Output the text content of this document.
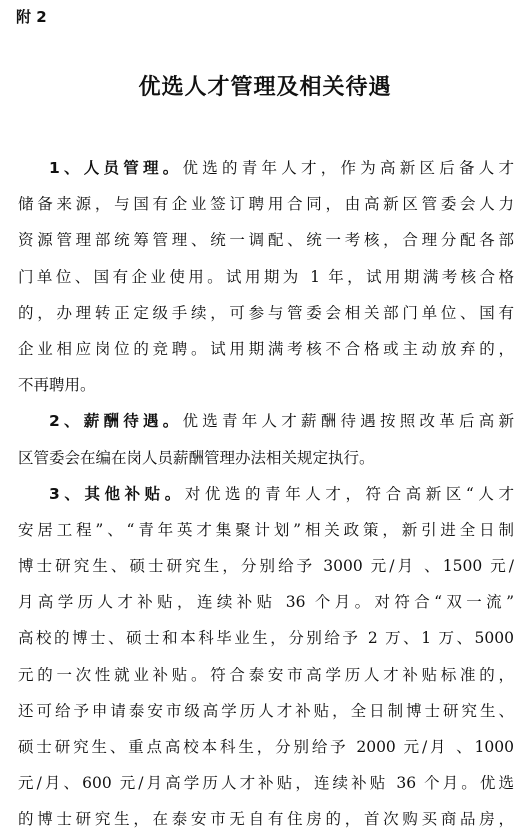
附 2
优选人才管理及相关待遇
1、人员管理。优选的青年人才，作为高新区后备人才
储备来源，与国有企业签订聘用合同，由高新区管委会人力
资源管理部统筹管理、统一调配、统一考核，合理分配各部
门单位、国有企业使用。试用期为 1 年，试用期满考核合格
的，办理转正定级手续，可参与管委会相关部门单位、国有
企业相应岗位的竞聘。试用期满考核不合格或主动放弃的，
不再聘用。
2、薪酬待遇。优选青年人才薪酬待遇按照改革后高新
区管委会在编在岗人员薪酬管理办法相关规定执行。
3、其他补贴。对优选的青年人才，符合高新区“人才
安居工程”、“青年英才集聚计划”相关政策，新引进全日制
博士研究生、硕士研究生，分别给予 3000 元/月 、1500 元/
月高学历人才补贴，连续补贴 36 个月。对符合“双一流”
高校的博士、硕士和本科毕业生，分别给予 2 万、1 万、5000
元的一次性就业补贴。符合泰安市高学历人才补贴标准的，
还可给予申请泰安市级高学历人才补贴，全日制博士研究生、
硕士研究生、重点高校本科生，分别给予 2000 元/月 、1000
元/月、600 元/月高学历人才补贴，连续补贴 36 个月。优选
的博士研究生，在泰安市无自有住房的，首次购买商品房，
